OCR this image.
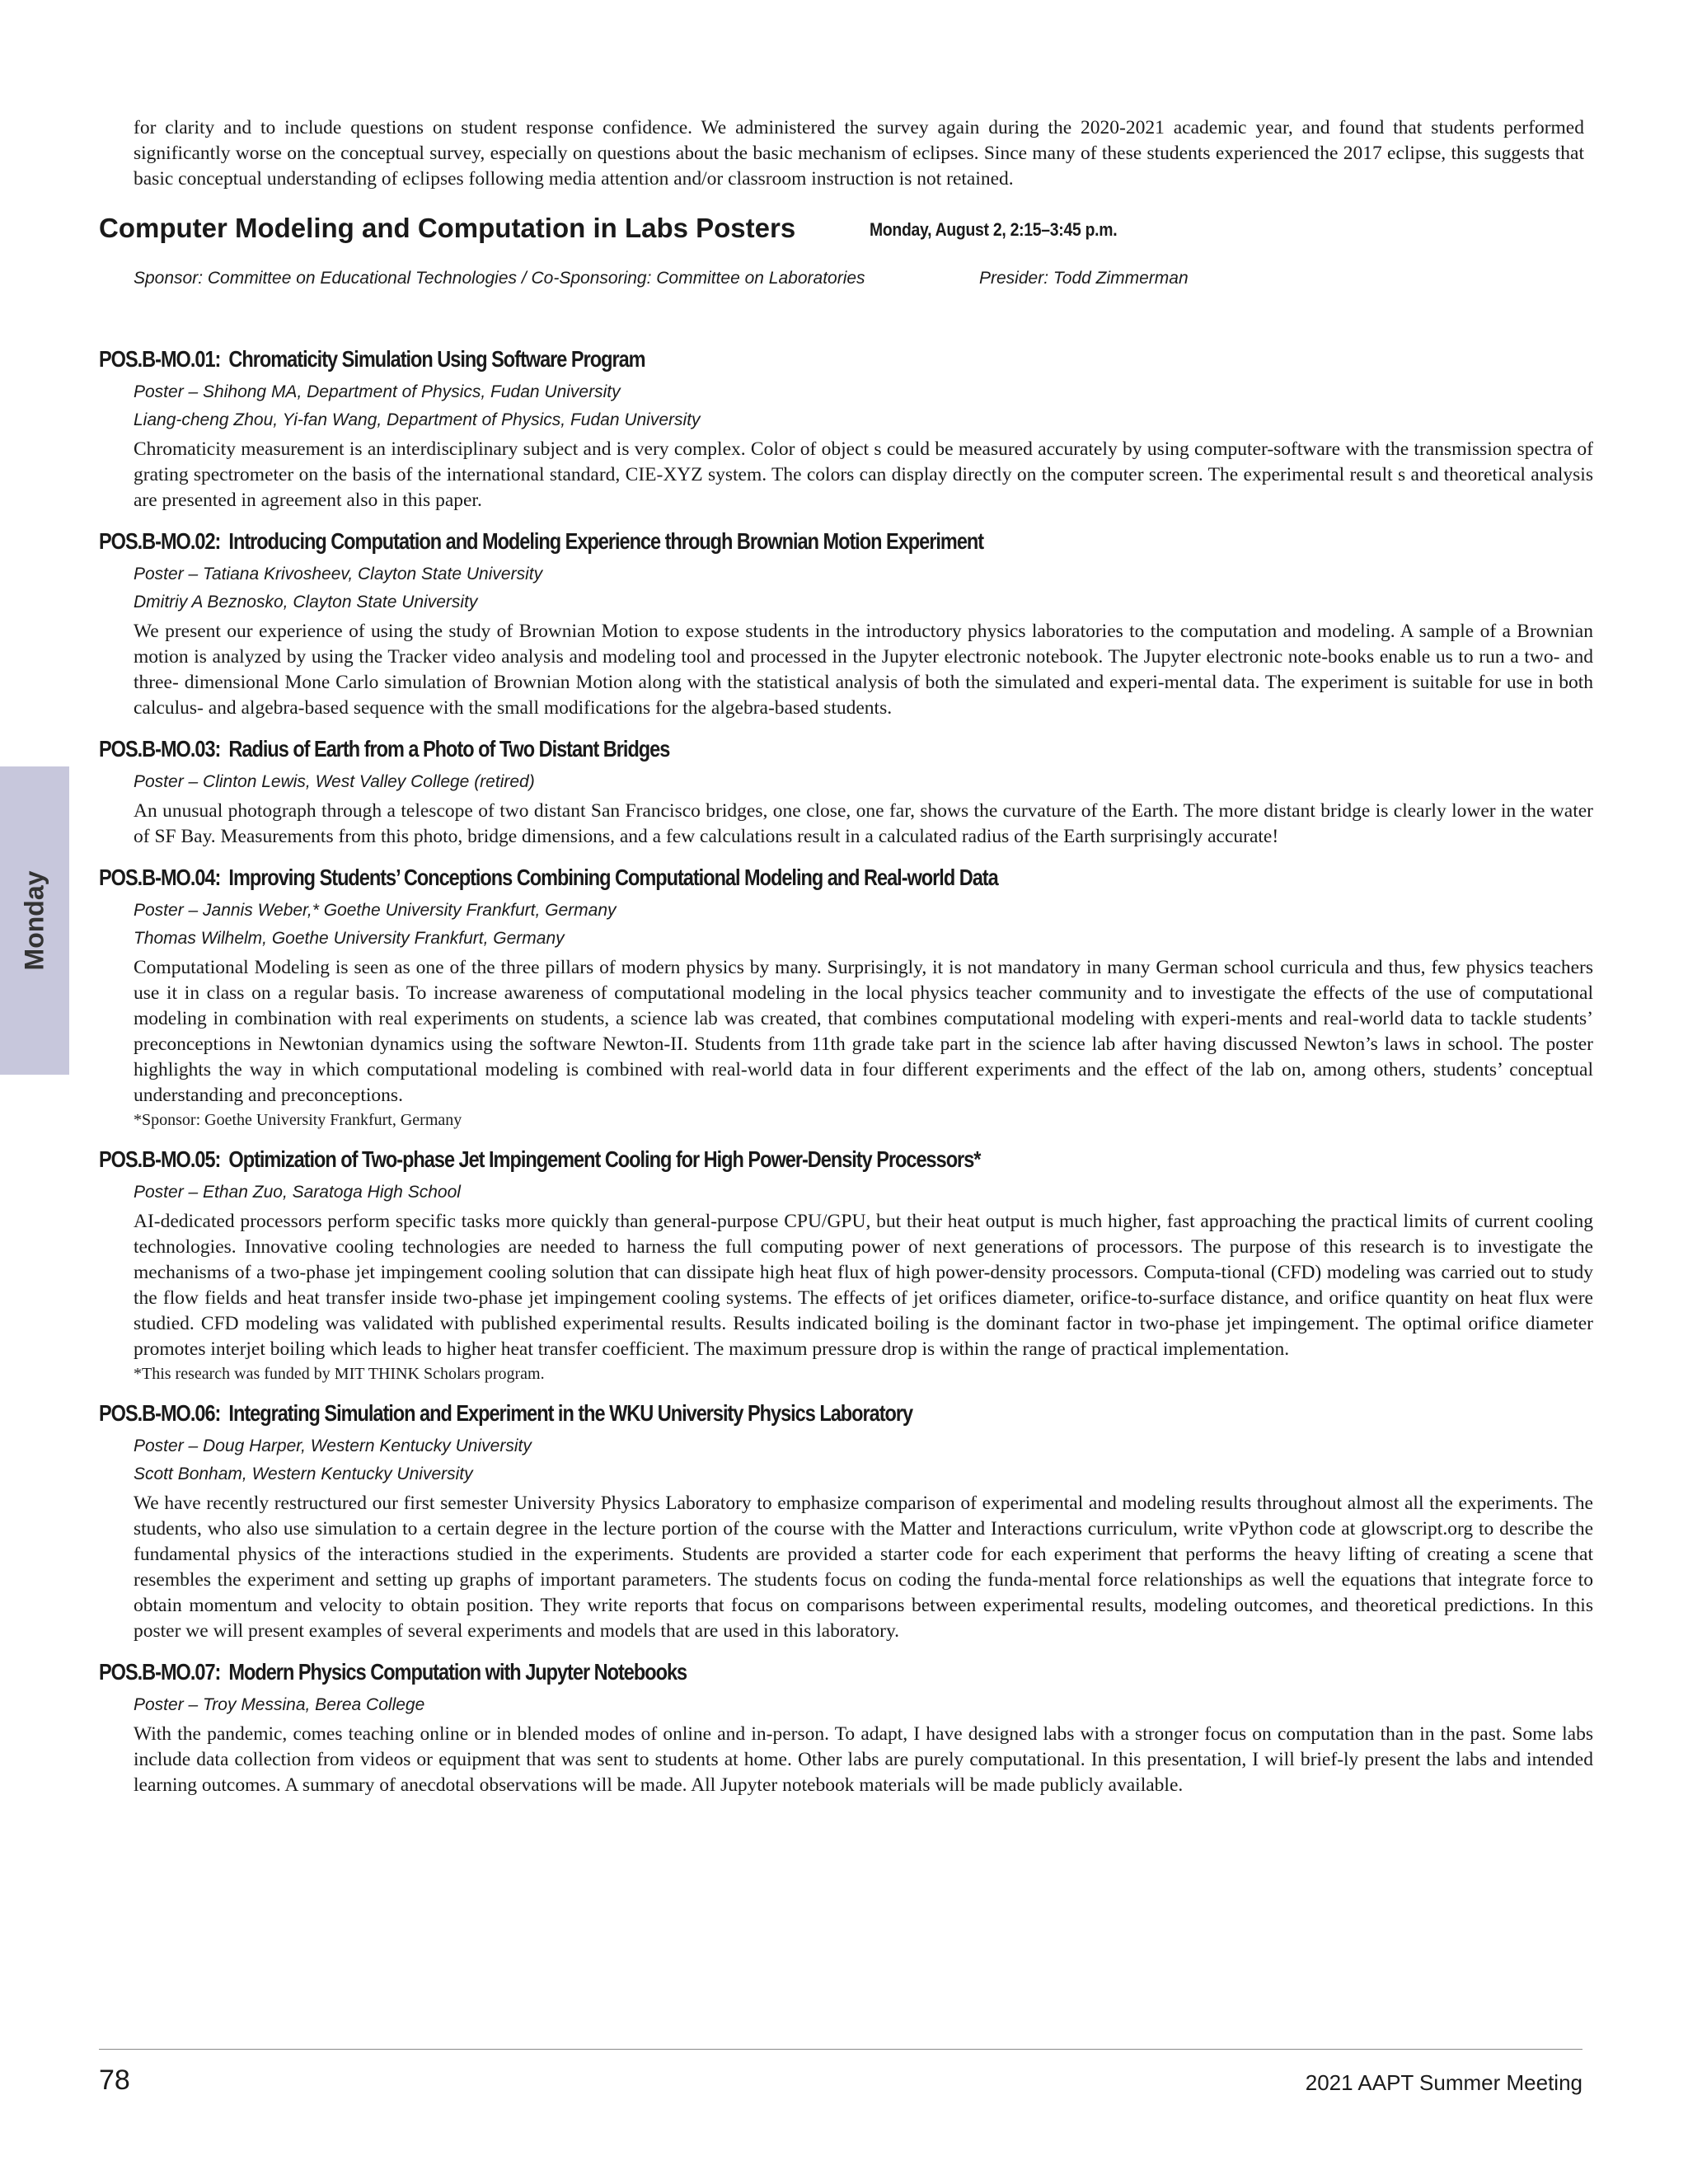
for clarity and to include questions on student response confidence. We administered the survey again during the 2020-2021 academic year, and found that students performed significantly worse on the conceptual survey, especially on questions about the basic mechanism of eclipses. Since many of these students experienced the 2017 eclipse, this suggests that basic conceptual understanding of eclipses following media attention and/or classroom instruction is not retained.

Computer Modeling and Computation in Labs Posters	Monday, August 2, 2:15–3:45 p.m.
Sponsor: Committee on Educational Technologies / Co-Sponsoring: Committee on Laboratories	Presider: Todd Zimmerman
POS.B-MO.01: Chromaticity Simulation Using Software Program
Poster – Shihong MA, Department of Physics, Fudan University
Liang-cheng Zhou, Yi-fan Wang, Department of Physics, Fudan University
Chromaticity measurement is an interdisciplinary subject and is very complex. Color of object s could be measured accurately by using computer-software with the transmission spectra of grating spectrometer on the basis of the international standard, CIE-XYZ system. The colors can display directly on the computer screen. The experimental result s and theoretical analysis are presented in agreement also in this paper.
POS.B-MO.02: Introducing Computation and Modeling Experience through Brownian Motion Experiment
Poster – Tatiana Krivosheev, Clayton State University
Dmitriy A Beznosko, Clayton State University
We present our experience of using the study of Brownian Motion to expose students in the introductory physics laboratories to the computation and modeling. A sample of a Brownian motion is analyzed by using the Tracker video analysis and modeling tool and processed in the Jupyter electronic notebook. The Jupyter electronic note-books enable us to run a two- and three- dimensional Mone Carlo simulation of Brownian Motion along with the statistical analysis of both the simulated and experi-mental data. The experiment is suitable for use in both calculus- and algebra-based sequence with the small modifications for the algebra-based students.
POS.B-MO.03: Radius of Earth from a Photo of Two Distant Bridges
Poster – Clinton Lewis, West Valley College (retired)
An unusual photograph through a telescope of two distant San Francisco bridges, one close, one far, shows the curvature of the Earth. The more distant bridge is clearly lower in the water of SF Bay. Measurements from this photo, bridge dimensions, and a few calculations result in a calculated radius of the Earth surprisingly accurate!
POS.B-MO.04: Improving Students’ Conceptions Combining Computational Modeling and Real-world Data
Poster – Jannis Weber,* Goethe University Frankfurt, Germany
Thomas Wilhelm, Goethe University Frankfurt, Germany
Computational Modeling is seen as one of the three pillars of modern physics by many. Surprisingly, it is not mandatory in many German school curricula and thus, few physics teachers use it in class on a regular basis. To increase awareness of computational modeling in the local physics teacher community and to investigate the effects of the use of computational modeling in combination with real experiments on students, a science lab was created, that combines computational modeling with experi-ments and real-world data to tackle students’ preconceptions in Newtonian dynamics using the software Newton-II. Students from 11th grade take part in the science lab after having discussed Newton’s laws in school. The poster highlights the way in which computational modeling is combined with real-world data in four different experiments and the effect of the lab on, among others, students’ conceptual understanding and preconceptions.
*Sponsor: Goethe University Frankfurt, Germany
POS.B-MO.05: Optimization of Two-phase Jet Impingement Cooling for High Power-Density Processors*
Poster – Ethan Zuo, Saratoga High School
AI-dedicated processors perform specific tasks more quickly than general-purpose CPU/GPU, but their heat output is much higher, fast approaching the practical limits of current cooling technologies. Innovative cooling technologies are needed to harness the full computing power of next generations of processors. The purpose of this research is to investigate the mechanisms of a two-phase jet impingement cooling solution that can dissipate high heat flux of high power-density processors. Computa-tional (CFD) modeling was carried out to study the flow fields and heat transfer inside two-phase jet impingement cooling systems. The effects of jet orifices diameter, orifice-to-surface distance, and orifice quantity on heat flux were studied. CFD modeling was validated with published experimental results. Results indicated boiling is the dominant factor in two-phase jet impingement. The optimal orifice diameter promotes interjet boiling which leads to higher heat transfer coefficient. The maximum pressure drop is within the range of practical implementation.
*This research was funded by MIT THINK Scholars program.
POS.B-MO.06: Integrating Simulation and Experiment in the WKU University Physics Laboratory
Poster – Doug Harper, Western Kentucky University
Scott Bonham, Western Kentucky University
We have recently restructured our first semester University Physics Laboratory to emphasize comparison of experimental and modeling results throughout almost all the experiments. The students, who also use simulation to a certain degree in the lecture portion of the course with the Matter and Interactions curriculum, write vPython code at glowscript.org to describe the fundamental physics of the interactions studied in the experiments. Students are provided a starter code for each experiment that performs the heavy lifting of creating a scene that resembles the experiment and setting up graphs of important parameters. The students focus on coding the funda-mental force relationships as well the equations that integrate force to obtain momentum and velocity to obtain position. They write reports that focus on comparisons between experimental results, modeling outcomes, and theoretical predictions. In this poster we will present examples of several experiments and models that are used in this laboratory.
POS.B-MO.07: Modern Physics Computation with Jupyter Notebooks
Poster – Troy Messina, Berea College
With the pandemic, comes teaching online or in blended modes of online and in-person. To adapt, I have designed labs with a stronger focus on computation than in the past. Some labs include data collection from videos or equipment that was sent to students at home. Other labs are purely computational. In this presentation, I will brief-ly present the labs and intended learning outcomes. A summary of anecdotal observations will be made. All Jupyter notebook materials will be made publicly available.
Monday
78	2021 AAPT Summer Meeting
